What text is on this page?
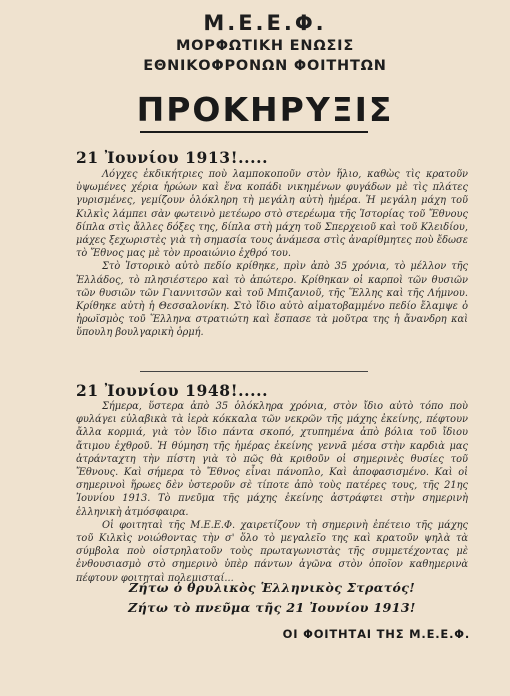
Μ.Ε.Ε.Φ.
ΜΟΡΦΩΤΙΚΗ ΕΝΩΣΙΣ
ΕΘΝΙΚΟΦΡΟΝΩΝ ΦΟΙΤΗΤΩΝ
ΠΡΟΚΗΡΥΞΙΣ
21 Ἰουνίου 1913!.....

Λόγχες ἐκδικήτριες ποὺ λαμποκοποῦν στὸν ἥλιο, καθὼς τὶς κρατοῦν ὑψωμένες χέρια ἡρώων καὶ ἕνα κοπάδι νικημένων φυγάδων μὲ τὶς πλάτες γυρισμένες, γεμίζουν ὁλόκληρη τὴ μεγάλη αὐτὴ ἡμέρα. Ἡ μεγάλη μάχη τοῦ Κιλκὶς λάμπει σὰν φωτεινὸ μετέωρο στὸ στερέωμα τῆς Ἱστορίας τοῦ Ἔθνους δίπλα στὶς ἄλλες δόξες της, δίπλα στὴ μάχη τοῦ Σπερχειοῦ καὶ τοῦ Κλειδίου, μάχες ξεχωριστὲς γιὰ τὴ σημασία τους ἀνάμεσα στὶς ἀναρίθμητες ποὺ ἔδωσε τὸ Ἔθνος μας μὲ τὸν προαιώνιο ἐχθρό του.

Στὸ Ἱστορικὸ αὐτὸ πεδίο κρίθηκε, πρὶν ἀπὸ 35 χρόνια, τὸ μέλλον τῆς Ἑλλάδος, τὸ πλησιέστερο καὶ τὸ ἀπώτερο. Κρίθηκαν οἱ καρποὶ τῶν θυσιῶν τῶν θυσιῶν τῶν Γιαννιτσῶν καὶ τοῦ Μπιζανιοῦ, τῆς Ἕλλης καὶ τῆς Λήμνου. Κρίθηκε αὐτὴ ἡ Θεσσαλονίκη. Στὸ ἴδιο αὐτὸ αἱματοβαμμένο πεδίο ἔλαμψε ὁ ἡρωϊσμὸς τοῦ Ἕλληνα στρατιώτη καὶ ἔσπασε τὰ μοῦτρα της ἡ ἄνανδρη καὶ ὕπουλη βουλγαρικὴ ὁρμή.

21 Ἰουνίου 1948!.....

Σήμερα, ὕστερα ἀπὸ 35 ὁλόκληρα χρόνια, στὸν ἴδιο αὐτὸ τόπο ποὺ φυλάγει εὐλαβικὰ τὰ ἱερὰ κόκκαλα τῶν νεκρῶν τῆς μάχης ἐκείνης, πέφτουν ἄλλα κορμιά, γιὰ τὸν ἴδιο πάντα σκοπό, χτυπημένα ἀπὸ βόλια τοῦ ἴδιου ἄτιμου ἐχθροῦ. Ἡ θύμηση τῆς ἡμέρας ἐκείνης γεννᾶ μέσα στὴν καρδιὰ μας ἀτράνταχτη τὴν πίστη γιὰ τὸ πῶς θὰ κριθοῦν οἱ σημερινὲς θυσίες τοῦ Ἔθνους. Καὶ σήμερα τὸ Ἔθνος εἶναι πάνοπλο, Καὶ ἀποφασισμένο. Καὶ οἱ σημερινοὶ ἥρωες δὲν ὑστεροῦν σὲ τίποτε ἀπὸ τοὺς πατέρες τους, τῆς 21ης Ἰουνίου 1913. Τὸ πνεῦμα τῆς μάχης ἐκείνης ἀστράφτει στὴν σημερινὴ ἑλληνικὴ ἀτμόσφαιρα.

Οἱ φοιτηταὶ τῆς Μ.Ε.Ε.Φ. χαιρετίζουν τὴ σημερινὴ ἐπέτειο τῆς μάχης τοῦ Κιλκὶς νοιώθοντας τὴν σ' ὅλο τὸ μεγαλεῖο της καὶ κρατοῦν ψηλὰ τὰ σύμβολα ποὺ οἰστρηλατοῦν τοὺς πρωταγωνιστὰς τῆς συμμετέχοντας μὲ ἐνθουσιασμὸ στὸ σημερινὸ ὑπὲρ πάντων ἀγῶνα στὸν ὁποῖον καθημερινὰ πέφτουν φοιτηταὶ πολεμισταί...

Ζήτω ὁ θρυλικὸς Ἑλληνικὸς Στρατός!
Ζήτω τὸ πνεῦμα τῆς 21 Ἰουνίου 1913!
ΟΙ ΦΟΙΤΗΤΑΙ ΤΗΣ Μ.Ε.Ε.Φ.
